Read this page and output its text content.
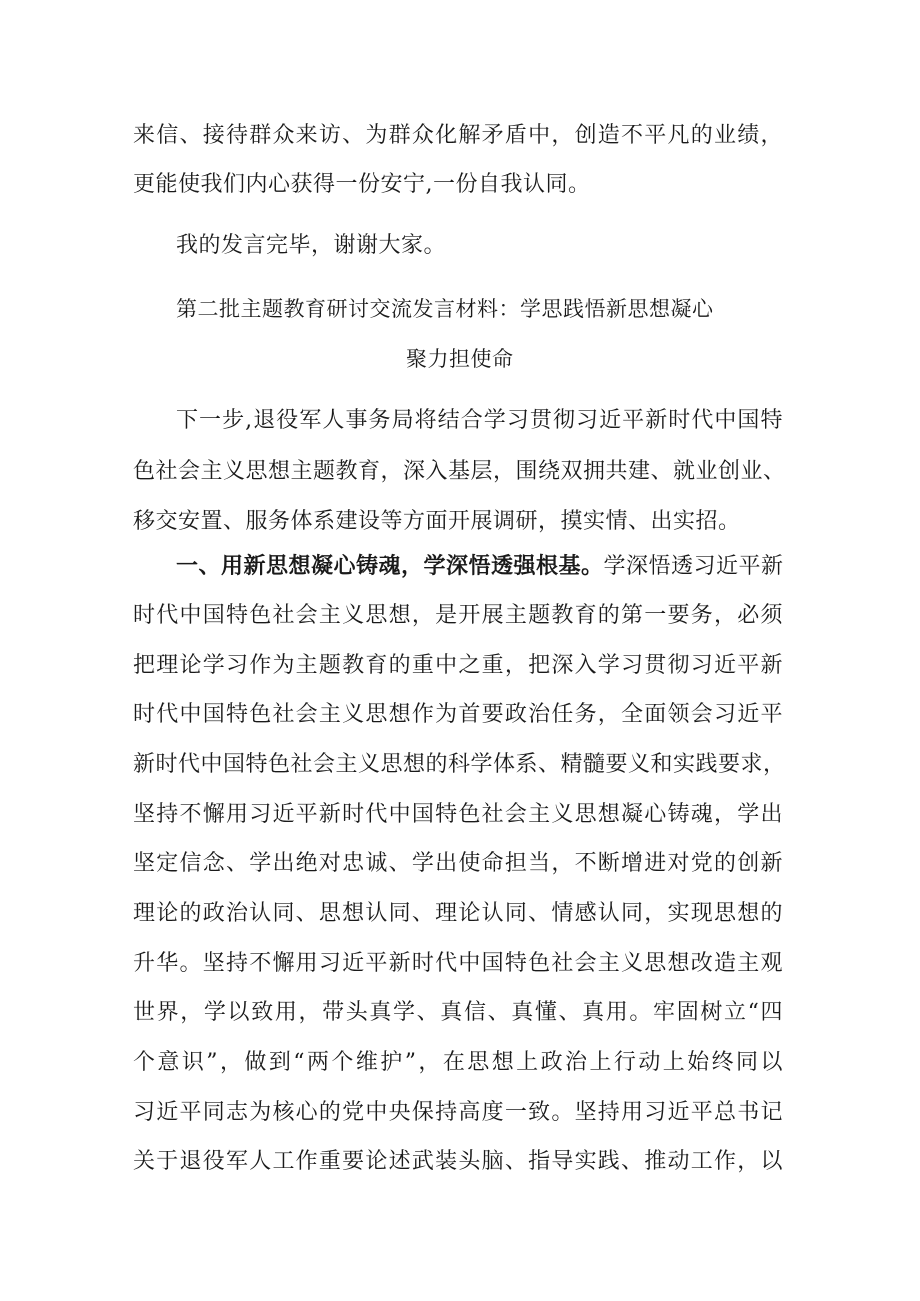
来信、接待群众来访、为群众化解矛盾中，创造不平凡的业绩，
更能使我们内心获得一份安宁,一份自我认同。
我的发言完毕，谢谢大家。
第二批主题教育研讨交流发言材料：学思践悟新思想凝心
聚力担使命
下一步,退役军人事务局将结合学习贯彻习近平新时代中国特
色社会主义思想主题教育，深入基层，围绕双拥共建、就业创业、
移交安置、服务体系建设等方面开展调研，摸实情、出实招。
一、用新思想凝心铸魂，学深悟透强根基。学深悟透习近平新
时代中国特色社会主义思想，是开展主题教育的第一要务，必须
把理论学习作为主题教育的重中之重，把深入学习贯彻习近平新
时代中国特色社会主义思想作为首要政治任务，全面领会习近平
新时代中国特色社会主义思想的科学体系、精髓要义和实践要求，
坚持不懈用习近平新时代中国特色社会主义思想凝心铸魂，学出
坚定信念、学出绝对忠诚、学出使命担当，不断增进对党的创新
理论的政治认同、思想认同、理论认同、情感认同，实现思想的
升华。坚持不懈用习近平新时代中国特色社会主义思想改造主观
世界，学以致用，带头真学、真信、真懂、真用。牢固树立“四
个意识”，做到“两个维护”，在思想上政治上行动上始终同以
习近平同志为核心的党中央保持高度一致。坚持用习近平总书记
关于退役军人工作重要论述武装头脑、指导实践、推动工作，以
